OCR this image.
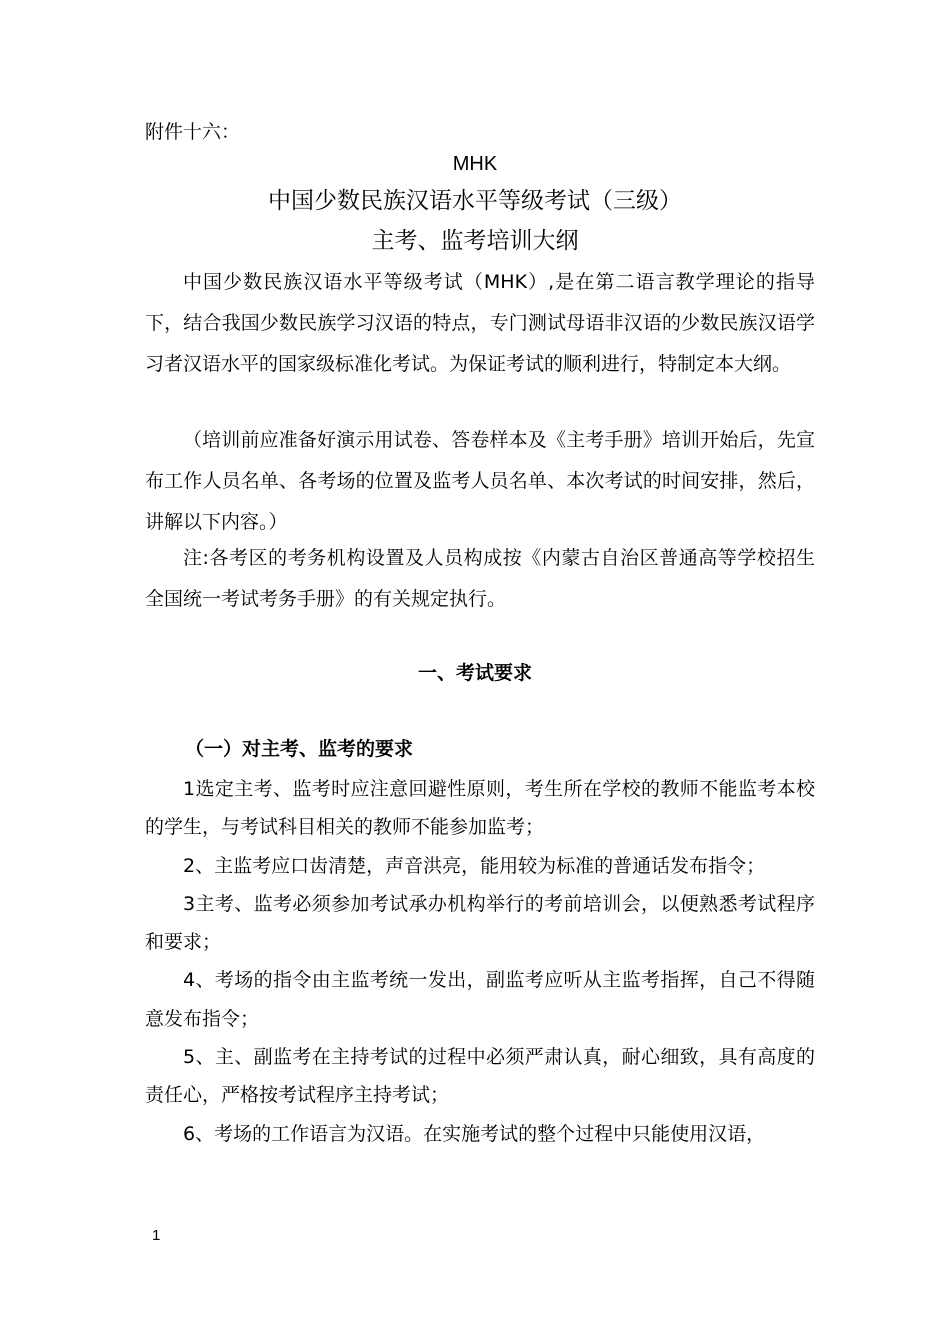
附件十六：
MHK
中国少数民族汉语水平等级考试（三级）
主考、监考培训大纲

中国少数民族汉语水平等级考试（MHK）,是在第二语言教学理论的指导下，结合我国少数民族学习汉语的特点，专门测试母语非汉语的少数民族汉语学习者汉语水平的国家级标准化考试。为保证考试的顺利进行，特制定本大纲。

（培训前应准备好演示用试卷、答卷样本及《主考手册》培训开始后，先宣布工作人员名单、各考场的位置及监考人员名单、本次考试的时间安排，然后，讲解以下内容。）

注:各考区的考务机构设置及人员构成按《内蒙古自治区普通高等学校招生全国统一考试考务手册》的有关规定执行。

一、考试要求
（一）对主考、监考的要求

1选定主考、监考时应注意回避性原则，考生所在学校的教师不能监考本校的学生，与考试科目相关的教师不能参加监考；

2、主监考应口齿清楚，声音洪亮，能用较为标准的普通话发布指令；

3主考、监考必须参加考试承办机构举行的考前培训会，以便熟悉考试程序和要求；

4、考场的指令由主监考统一发出，副监考应听从主监考指挥，自己不得随意发布指令；

5、主、副监考在主持考试的过程中必须严肃认真，耐心细致，具有高度的责任心，严格按考试程序主持考试；

6、考场的工作语言为汉语。在实施考试的整个过程中只能使用汉语，

1
